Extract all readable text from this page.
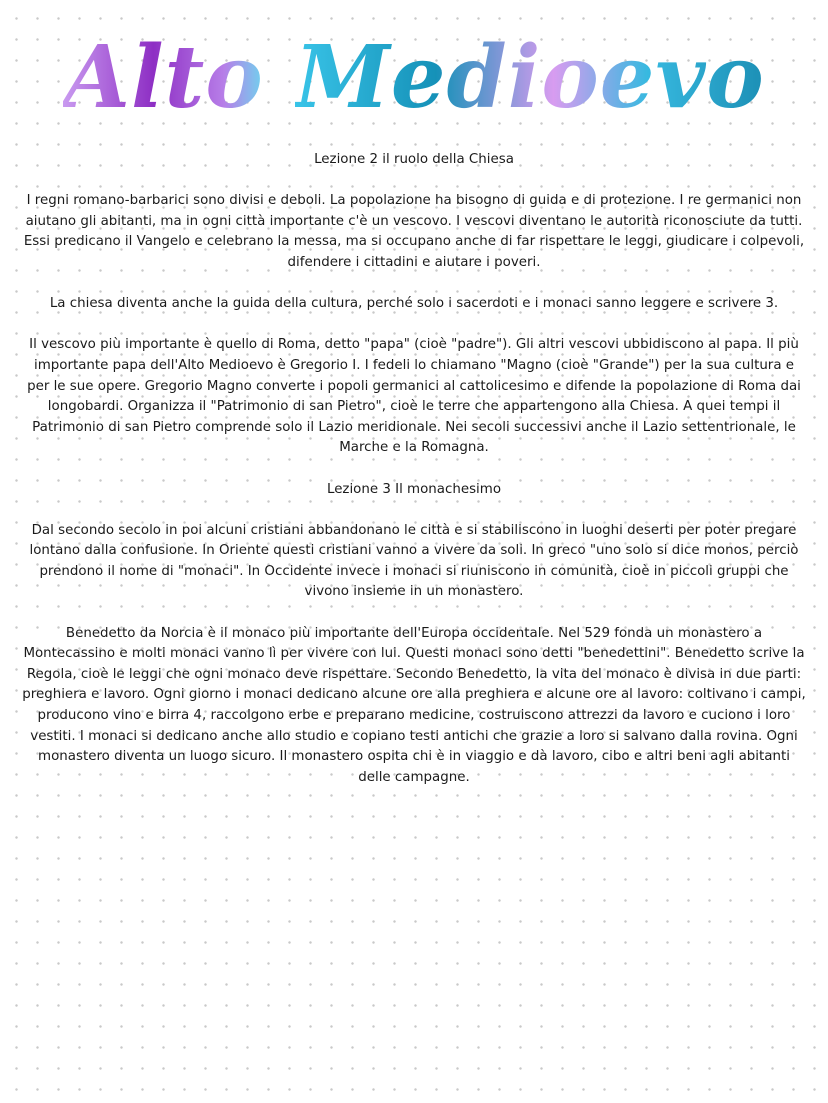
Alto Medioevo

Lezione 2 il ruolo della Chiesa

I regni romano-barbarici sono divisi e deboli. La popolazione ha bisogno di guida e di protezione. I re germanici non aiutano gli abitanti, ma in ogni città importante c'è un vescovo. I vescovi diventano le autorità riconosciute da tutti. Essi predicano il Vangelo e celebrano la messa, ma si occupano anche di far rispettare le leggi, giudicare i colpevoli, difendere i cittadini e aiutare i poveri.

La chiesa diventa anche la guida della cultura, perché solo i sacerdoti e i monaci sanno leggere e scrivere 3.

Il vescovo più importante è quello di Roma, detto "papa" (cioè "padre"). Gli altri vescovi ubbidiscono al papa. Il più importante papa dell'Alto Medioevo è Gregorio I. I fedeli lo chiamano "Magno (cioè "Grande") per la sua cultura e per le sue opere. Gregorio Magno converte i popoli germanici al cattolicesimo e difende la popolazione di Roma dai longobardi. Organizza il "Patrimonio di san Pietro", cioè le terre che appartengono alla Chiesa. A quei tempi il Patrimonio di san Pietro comprende solo il Lazio meridionale. Nei secoli successivi anche il Lazio settentrionale, le Marche e la Romagna.

Lezione 3 Il monachesimo

Dal secondo secolo in poi alcuni cristiani abbandonano le città e si stabiliscono in luoghi deserti per poter pregare lontano dalla confusione. In Oriente questi cristiani vanno a vivere da soli. In greco "uno solo si dice monos, perciò prendono il nome di "monaci". In Occidente invece i monaci si riuniscono in comunità, cioè in piccoli gruppi che vivono insieme in un monastero.

Benedetto da Norcia è il monaco più importante dell'Europa occidentale. Nel 529 fonda un monastero a Montecassino e molti monaci vanno lì per vivere con lui. Questi monaci sono detti "benedettini". Benedetto scrive la Regola, cioè le leggi che ogni monaco deve rispettare. Secondo Benedetto, la vita del monaco è divisa in due parti: preghiera e lavoro. Ogni giorno i monaci dedicano alcune ore alla preghiera e alcune ore al lavoro: coltivano i campi, producono vino e birra 4, raccolgono erbe e preparano medicine, costruiscono attrezzi da lavoro e cuciono i loro vestiti. I monaci si dedicano anche allo studio e copiano testi antichi che grazie a loro si salvano dalla rovina. Ogni monastero diventa un luogo sicuro. Il monastero ospita chi è in viaggio e dà lavoro, cibo e altri beni agli abitanti delle campagne.
